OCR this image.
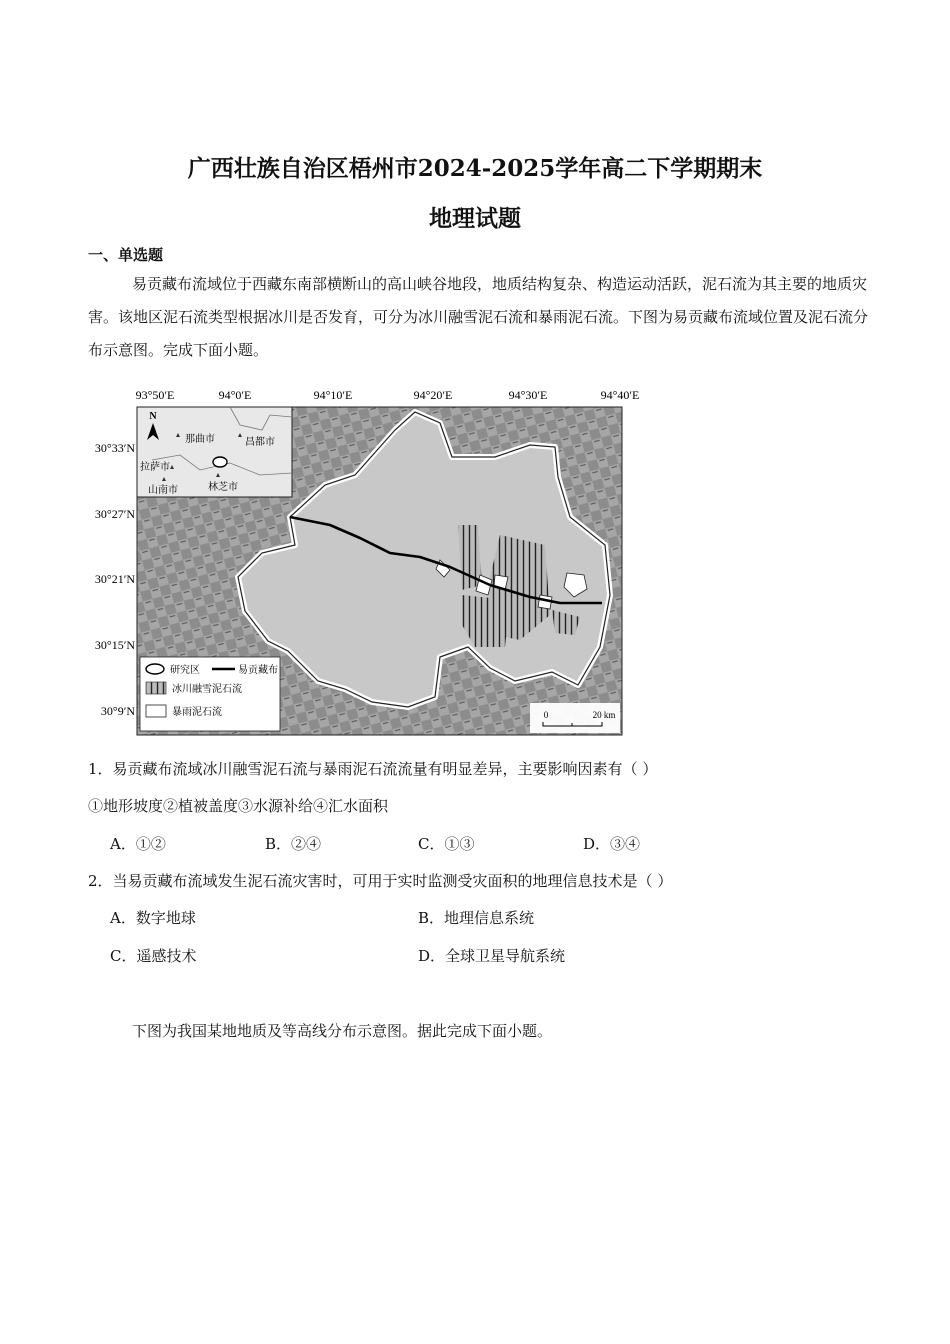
广西壮族自治区梧州市2024-2025学年高二下学期期末
地理试题
一、单选题
易贡藏布流域位于西藏东南部横断山的高山峡谷地段，地质结构复杂、构造运动活跃，泥石流为其主要的地质灾害。该地区泥石流类型根据冰川是否发育，可分为冰川融雪泥石流和暴雨泥石流。下图为易贡藏布流域位置及泥石流分布示意图。完成下面小题。
93°50′E	94°0′E	94°10′E	94°20′E	94°30′E	94°40′E
30°33′N
30°27′N
30°21′N
30°15′N
30°9′N
N
那曲市	昌都市
拉萨市
林芝市
山南市
研究区	易贡藏布
冰川融雪泥石流
暴雨泥石流	0	20 km
1．易贡藏布流域冰川融雪泥石流与暴雨泥石流流量有明显差异，主要影响因素有（ ）
①地形坡度②植被盖度③水源补给④汇水面积
A．①②	B．②④	C．①③	D．③④
2．当易贡藏布流域发生泥石流灾害时，可用于实时监测受灾面积的地理信息技术是（ ）
A．数字地球	B．地理信息系统
C．遥感技术	D．全球卫星导航系统
下图为我国某地地质及等高线分布示意图。据此完成下面小题。
